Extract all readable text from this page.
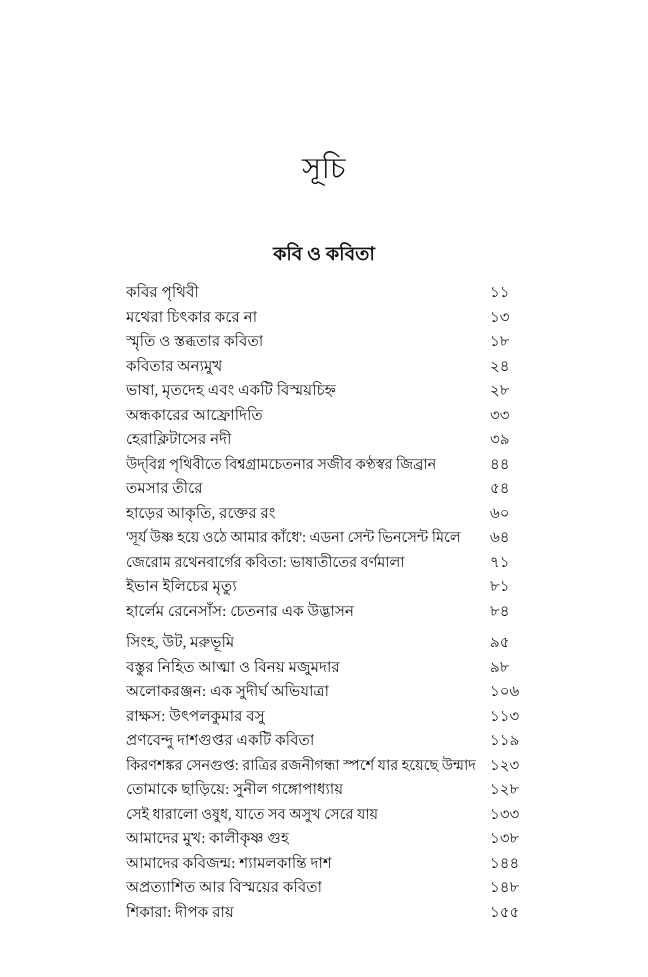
সূচি
কবি ও কবিতা
কবির পৃথিবী	১১
মথেরা চিৎকার করে না	১৩
স্মৃতি ও স্তব্ধতার কবিতা	১৮
কবিতার অন্যমুখ	২৪
ভাষা, মৃতদেহ এবং একটি বিস্ময়চিহ্ন	২৮
অন্ধকারের আফ্রোদিতি	৩৩
হেরাক্লিটাসের নদী	৩৯
উদ্‌বিগ্ন পৃথিবীতে বিশ্বগ্রামচেতনার সজীব কণ্ঠস্বর জিব্রান	৪৪
তমসার তীরে	৫৪
হাড়ের আকৃতি, রক্তের রং	৬০
'সূর্য উষ্ণ হয়ে ওঠে আমার কাঁধে': এডনা সেন্ট ভিনসেন্ট মিলে ৬৪
জেরোম রথেনবার্গের কবিতা: ভাষাতীতের বর্ণমালা	৭১
ইভান ইলিচের মৃত্যু	৮১
হার্লেম রেনেসাঁস: চেতনার এক উদ্ভাসন	৮৪
সিংহ, উট, মরুভূমি	৯৫
বস্তুর নিহিত আত্মা ও বিনয় মজুমদার	৯৮
অলোকরঞ্জন: এক সুদীর্ঘ অভিযাত্রা	১০৬
রাক্ষস: উৎপলকুমার বসু	১১৩
প্রণবেন্দু দাশগুপ্তর একটি কবিতা	১১৯
কিরণশঙ্কর সেনগুপ্ত: রাত্রির রজনীগন্ধা স্পর্শে যার হয়েছে উন্মাদ ১২৩
তোমাকে ছাড়িয়ে: সুনীল গঙ্গোপাধ্যায়	১২৮
সেই ধারালো ওষুধ, যাতে সব অসুখ সেরে যায়	১৩৩
আমাদের মুখ: কালীকৃষ্ণ গুহ	১৩৮
আমাদের কবিজন্ম: শ্যামলকান্তি দাশ	১৪৪
অপ্রত্যাশিত আর বিস্ময়ের কবিতা	১৪৮
শিকারা: দীপক রায়	১৫৫
